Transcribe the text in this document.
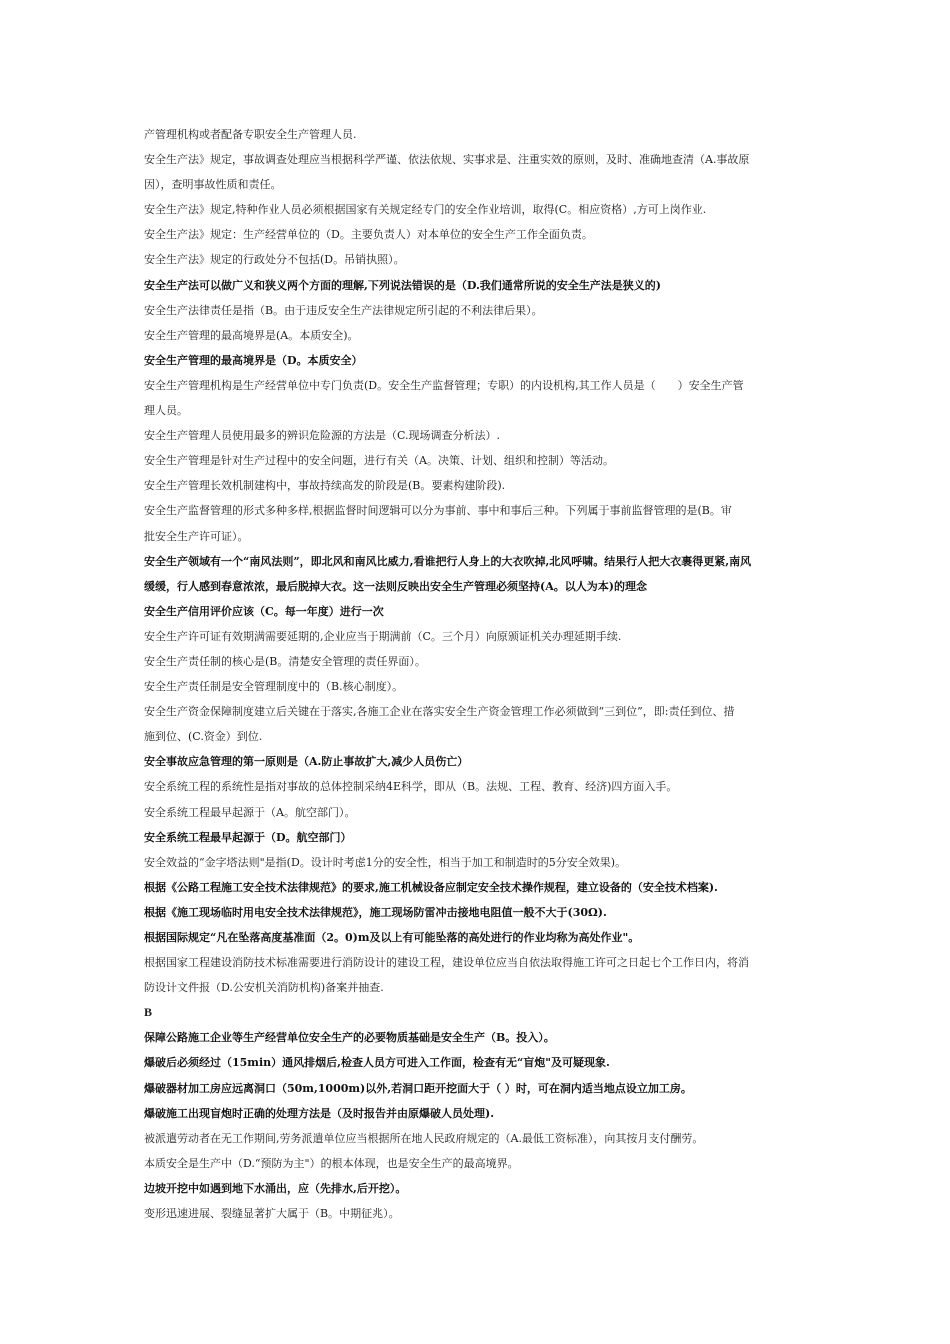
产管理机构或者配备专职安全生产管理人员.

安全生产法》规定，事故调查处理应当根据科学严谨、依法依规、实事求是、注重实效的原则，及时、准确地查清（A.事故原

因），查明事故性质和责任。

安全生产法》规定,特种作业人员必须根据国家有关规定经专门的安全作业培训，取得(C。相应资格）,方可上岗作业.

安全生产法》规定：生产经营单位的（D。主要负责人）对本单位的安全生产工作全面负责。

安全生产法》规定的行政处分不包括(D。吊销执照）。

安全生产法可以做广义和狭义两个方面的理解,下列说法错误的是（D.我们通常所说的安全生产法是狭义的)

安全生产法律责任是指（B。由于违反安全生产法律规定所引起的不利法律后果）。

安全生产管理的最高境界是(A。本质安全)。

安全生产管理的最高境界是（D。本质安全）

安全生产管理机构是生产经营单位中专门负责(D。安全生产监督管理；专职）的内设机构,其工作人员是（　　）安全生产管

理人员。

安全生产管理人员使用最多的辨识危险源的方法是（C.现场调查分析法）.

安全生产管理是针对生产过程中的安全问题，进行有关（A。决策、计划、组织和控制）等活动。

安全生产管理长效机制建构中，事故持续高发的阶段是(B。要素构建阶段).

安全生产监督管理的形式多种多样,根据监督时间逻辑可以分为事前、事中和事后三种。下列属于事前监督管理的是(B。审

批安全生产许可证）。

安全生产领域有一个“南风法则”，即北风和南风比威力,看谁把行人身上的大衣吹掉,北风呼啸。结果行人把大衣裹得更紧,南风

缓缓，行人感到春意浓浓，最后脱掉大衣。这一法则反映出安全生产管理必须坚持(A。以人为本)的理念

安全生产信用评价应该（C。每一年度）进行一次

安全生产许可证有效期满需要延期的,企业应当于期满前（C。三个月）向原颁证机关办理延期手续.

安全生产责任制的核心是(B。清楚安全管理的责任界面）。

安全生产责任制是安全管理制度中的（B.核心制度）。

安全生产资金保障制度建立后关键在于落实,各施工企业在落实安全生产资金管理工作必须做到“三到位”，即:责任到位、措

施到位、(C.资金）到位.

安全事故应急管理的第一原则是（A.防止事故扩大,减少人员伤亡）

安全系统工程的系统性是指对事故的总体控制采纳4E科学，即从（B。法规、工程、教育、经济)四方面入手。

安全系统工程最早起源于（A。航空部门）。

安全系统工程最早起源于（D。航空部门）

安全效益的“金字塔法则"是指(D。设计时考虑1分的安全性，相当于加工和制造时的5分安全效果)。

根据《公路工程施工安全技术法律规范》的要求,施工机械设备应制定安全技术操作规程，建立设备的（安全技术档案).

根据《施工现场临时用电安全技术法律规范》，施工现场防雷冲击接地电阻值一般不大于(30Ω).

根据国际规定“凡在坠落高度基准面（2。0)m及以上有可能坠落的高处进行的作业均称为高处作业"。

根据国家工程建设消防技术标准需要进行消防设计的建设工程，建设单位应当自依法取得施工许可之日起七个工作日内，将消

防设计文件报（D.公安机关消防机构)备案并抽查.

B

保障公路施工企业等生产经营单位安全生产的必要物质基础是安全生产（B。投入）。

爆破后必须经过（15min）通风排烟后,检查人员方可进入工作面，检查有无“盲炮"及可疑现象.

爆破器材加工房应远离洞口（50m,1000m)以外,若洞口距开挖面大于（ ）时，可在洞内适当地点设立加工房。

爆破施工出现盲炮时正确的处理方法是（及时报告并由原爆破人员处理).

被派遣劳动者在无工作期间,劳务派遣单位应当根据所在地人民政府规定的（A.最低工资标准），向其按月支付酬劳。

本质安全是生产中（D.“预防为主"）的根本体现，也是安全生产的最高境界。

边坡开挖中如遇到地下水涌出，应（先排水,后开挖）。

变形迅速进展、裂缝显著扩大属于（B。中期征兆）。
